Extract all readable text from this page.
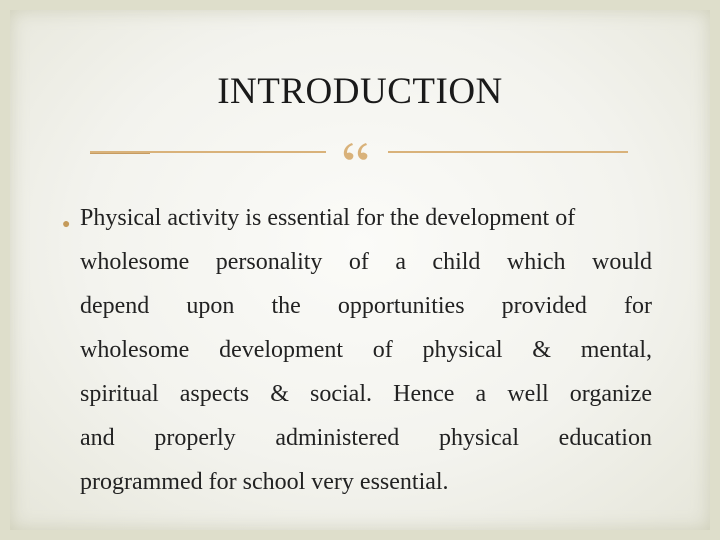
INTRODUCTION
● Physical activity is essential for the development of
wholesome personality of a child which would
depend upon the opportunities provided for
wholesome development of physical & mental,
spiritual aspects & social. Hence a well organize
and properly administered physical education
programmed for school very essential.
